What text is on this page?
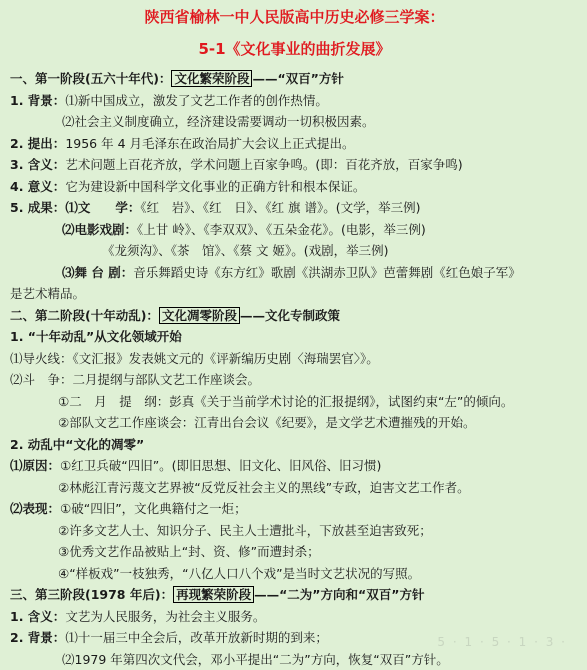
陕西省榆林一中人民版高中历史必修三学案：
5-1《文化事业的曲折发展》
一、第一阶段(五六十年代)： 文化繁荣阶段 ——“双百”方针
1. 背景：⑴新中国成立，激发了文艺工作者的创作热情。
⑵社会主义制度确立，经济建设需要调动一切积极因素。
2. 提出：1956 年 4 月毛泽东在政治局扩大会议上正式提出。
3. 含义：艺术问题上百花齐放，学术问题上百家争鸣。(即：百花齐放，百家争鸣)
4. 意义：它为建设新中国科学文化事业的正确方针和根本保证。
5. 成果：⑴文　　学：《红　岩》、《红　日》、《红 旗 谱》。(文学，举三例)
⑵电影戏剧：《上甘 岭》、《李双双》、《五朵金花》。(电影，举三例)
《龙须沟》、《茶　馆》、《蔡 文 姬》。(戏剧，举三例)
⑶舞 台 剧：音乐舞蹈史诗《东方红》歌剧《洪湖赤卫队》芭蕾舞剧《红色娘子军》
是艺术精品。
二、第二阶段(十年动乱)： 文化凋零阶段 ——文化专制政策
1. “十年动乱”从文化领域开始
⑴导火线：《文汇报》发表姚文元的《评新编历史剧〈海瑞罢官〉》。
⑵斗　争：二月提纲与部队文艺工作座谈会。
①二　月　提　纲：彭真《关于当前学术讨论的汇报提纲》，试图约束“左”的倾向。
②部队文艺工作座谈会：江青出台会议《纪要》，是文学艺术遭摧残的开始。
2. 动乱中“文化的凋零”
⑴原因：①红卫兵破“四旧”。(即旧思想、旧文化、旧风俗、旧习惯)
②林彪江青污蔑文艺界被“反党反社会主义的黑线”专政，迫害文艺工作者。
⑵表现：①破“四旧”，文化典籍付之一炬；
②许多文艺人士、知识分子、民主人士遭批斗，下放甚至迫害致死；
③优秀文艺作品被贴上“封、资、修”而遭封杀；
④“样板戏”一枝独秀，“八亿人口八个戏”是当时文艺状况的写照。
三、第三阶段(1978 年后)： 再现繁荣阶段 ——“二为”方向和“双百”方针
1. 含义：文艺为人民服务，为社会主义服务。
2. 背景：⑴十一届三中全会后，改革开放新时期的到来；
⑵1979 年第四次文代会，邓小平提出“二为”方向，恢复“双百”方针。
5 · 1 · 5 · 1 · 3 ·
